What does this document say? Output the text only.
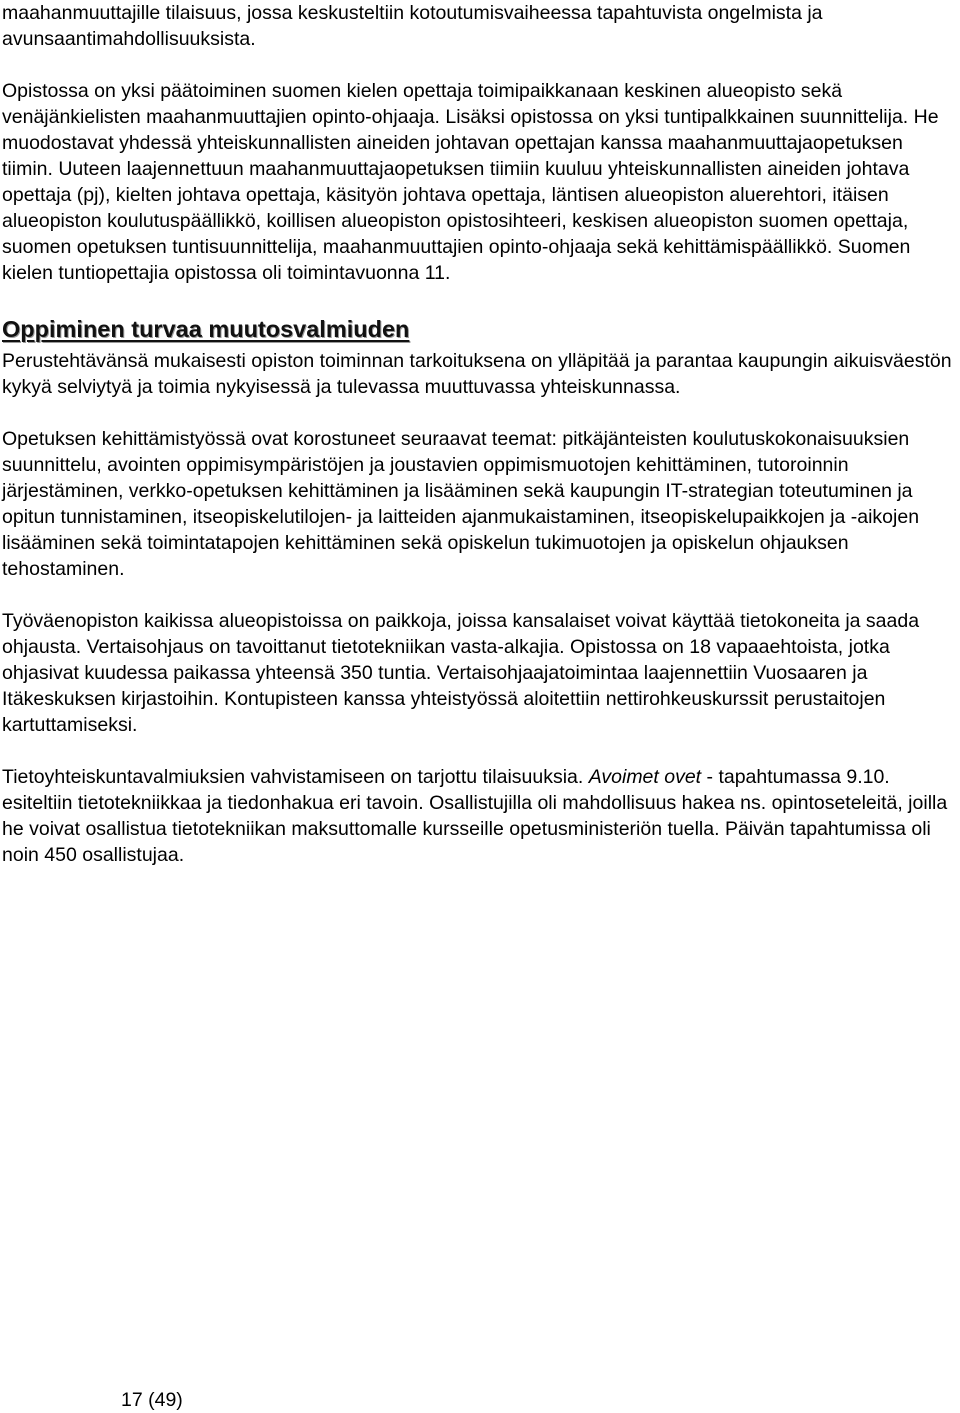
maahanmuuttajille tilaisuus, jossa keskusteltiin kotoutumisvaiheessa tapahtuvista ongelmista ja avunsaantimahdollisuuksista.

Opistossa on yksi päätoiminen suomen kielen opettaja toimipaikkanaan keskinen alueopisto sekä venäjänkielisten maahanmuuttajien opinto-ohjaaja. Lisäksi opistossa on yksi tuntipalkkainen suunnittelija. He muodostavat yhdessä yhteiskunnallisten aineiden johtavan opettajan kanssa maahanmuuttajaopetuksen tiimin. Uuteen laajennettuun maahanmuuttajaopetuksen tiimiin kuuluu yhteiskunnallisten aineiden johtava opettaja (pj), kielten johtava opettaja, käsityön johtava opettaja, läntisen alueopiston aluerehtori, itäisen alueopiston koulutuspäällikkö, koillisen alueopiston opistosihteeri, keskisen alueopiston suomen opettaja, suomen opetuksen tuntisuunnittelija, maahanmuuttajien opinto-ohjaaja sekä kehittämispäällikkö. Suomen kielen tuntiopettajia opistossa oli toimintavuonna 11.

Oppiminen turvaa muutosvalmiuden

Perustehtävänsä mukaisesti opiston toiminnan tarkoituksena on ylläpitää ja parantaa kaupungin aikuisväestön kykyä selviytyä ja toimia nykyisessä ja tulevassa muuttuvassa yhteiskunnassa.

Opetuksen kehittämistyössä ovat korostuneet seuraavat teemat: pitkäjänteisten koulutuskokonaisuuksien suunnittelu, avointen oppimisympäristöjen ja joustavien oppimismuotojen kehittäminen, tutoroinnin järjestäminen, verkko-opetuksen kehittäminen ja lisääminen sekä kaupungin IT-strategian toteutuminen ja opitun tunnistaminen, itseopiskelutilojen- ja laitteiden ajanmukaistaminen, itseopiskelupaikkojen ja -aikojen lisääminen sekä toimintatapojen kehittäminen sekä opiskelun tukimuotojen ja opiskelun ohjauksen tehostaminen.

Työväenopiston kaikissa alueopistoissa on paikkoja, joissa kansalaiset voivat käyttää tietokoneita ja saada ohjausta. Vertaisohjaus on tavoittanut tietotekniikan vasta-alkajia. Opistossa on 18 vapaaehtoista, jotka ohjasivat kuudessa paikassa yhteensä 350 tuntia. Vertaisohjaajatoimintaa laajennettiin Vuosaaren ja Itäkeskuksen kirjastoihin. Kontupisteen kanssa yhteistyössä aloitettiin nettirohkeuskurssit perustaitojen kartuttamiseksi.

Tietoyhteiskuntavalmiuksien vahvistamiseen on tarjottu tilaisuuksia. Avoimet ovet - tapahtumassa 9.10. esiteltiin tietotekniikkaa ja tiedonhakua eri tavoin. Osallistujilla oli mahdollisuus hakea ns. opintoseteleitä, joilla he voivat osallistua tietotekniikan maksuttomalle kursseille opetusministeriön tuella. Päivän tapahtumissa oli noin 450 osallistujaa.

17 (49)
